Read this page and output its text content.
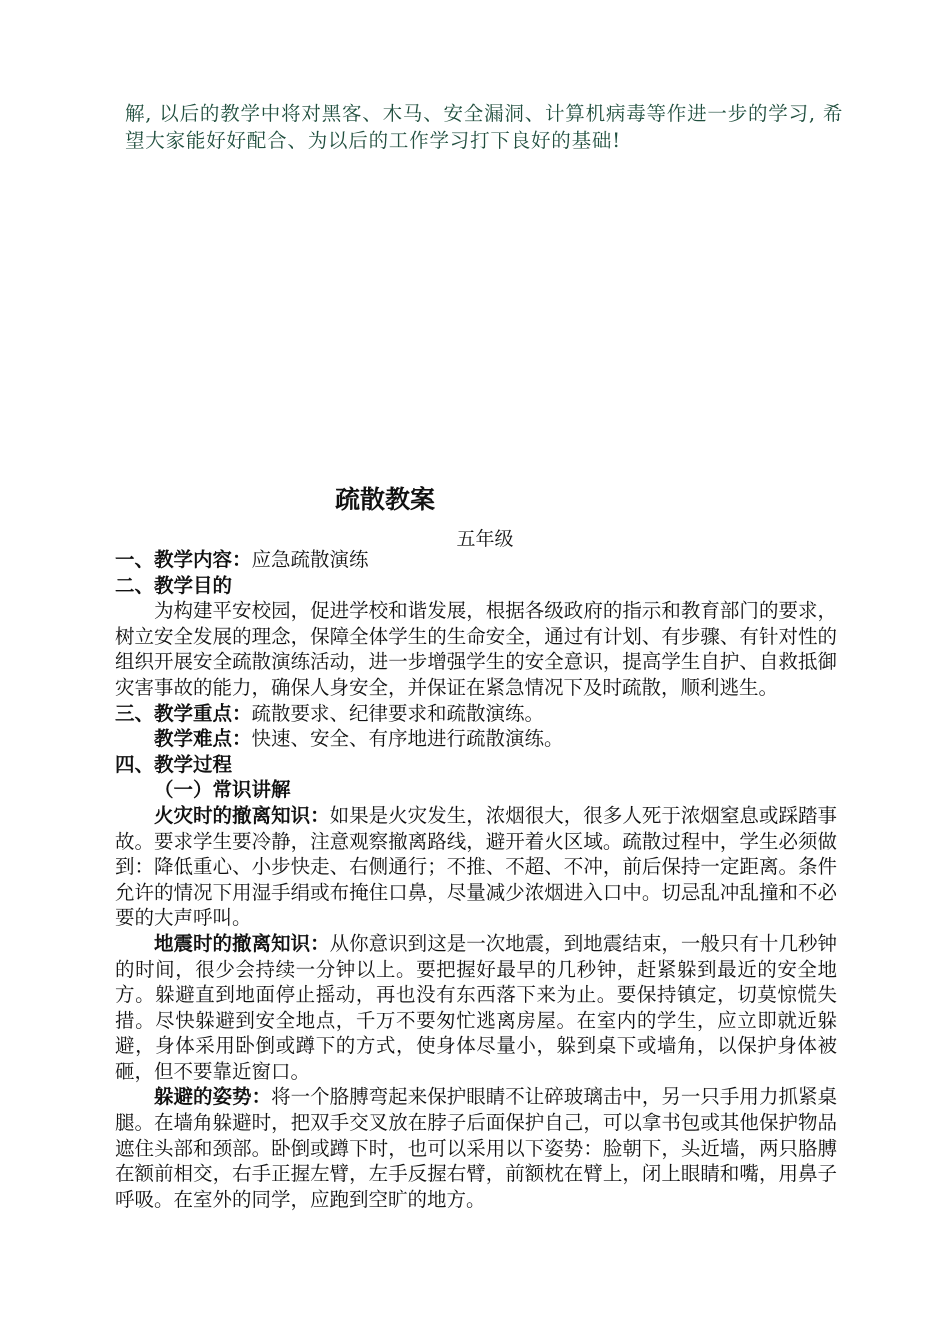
解, 以后的教学中将对黑客、木马、安全漏洞、计算机病毒等作进一步的学习, 希望大家能好好配合、为以后的工作学习打下良好的基础!
疏散教案
五年级

一、教学内容：应急疏散演练

二、教学目的

为构建平安校园，促进学校和谐发展，根据各级政府的指示和教育部门的要求，树立安全发展的理念，保障全体学生的生命安全，通过有计划、有步骤、有针对性的组织开展安全疏散演练活动，进一步增强学生的安全意识，提高学生自护、自救抵御灾害事故的能力，确保人身安全，并保证在紧急情况下及时疏散，顺利逃生。

三、教学重点：疏散要求、纪律要求和疏散演练。

教学难点：快速、安全、有序地进行疏散演练。

四、教学过程

（一）常识讲解

火灾时的撤离知识：如果是火灾发生，浓烟很大，很多人死于浓烟窒息或踩踏事故。要求学生要冷静，注意观察撤离路线，避开着火区域。疏散过程中，学生必须做到：降低重心、小步快走、右侧通行；不推、不超、不冲，前后保持一定距离。条件允许的情况下用湿手绢或布掩住口鼻，尽量减少浓烟进入口中。切忌乱冲乱撞和不必要的大声呼叫。

地震时的撤离知识：从你意识到这是一次地震，到地震结束，一般只有十几秒钟的时间，很少会持续一分钟以上。要把握好最早的几秒钟，赶紧躲到最近的安全地方。躲避直到地面停止摇动，再也没有东西落下来为止。要保持镇定，切莫惊慌失措。尽快躲避到安全地点，千万不要匆忙逃离房屋。在室内的学生，应立即就近躲避，身体采用卧倒或蹲下的方式，使身体尽量小，躲到桌下或墙角，以保护身体被砸，但不要靠近窗口。

躲避的姿势：将一个胳膊弯起来保护眼睛不让碎玻璃击中，另一只手用力抓紧桌腿。在墙角躲避时，把双手交叉放在脖子后面保护自己，可以拿书包或其他保护物品遮住头部和颈部。卧倒或蹲下时，也可以采用以下姿势：脸朝下，头近墙，两只胳膊在额前相交，右手正握左臂，左手反握右臂，前额枕在臂上，闭上眼睛和嘴，用鼻子呼吸。在室外的同学，应跑到空旷的地方。
